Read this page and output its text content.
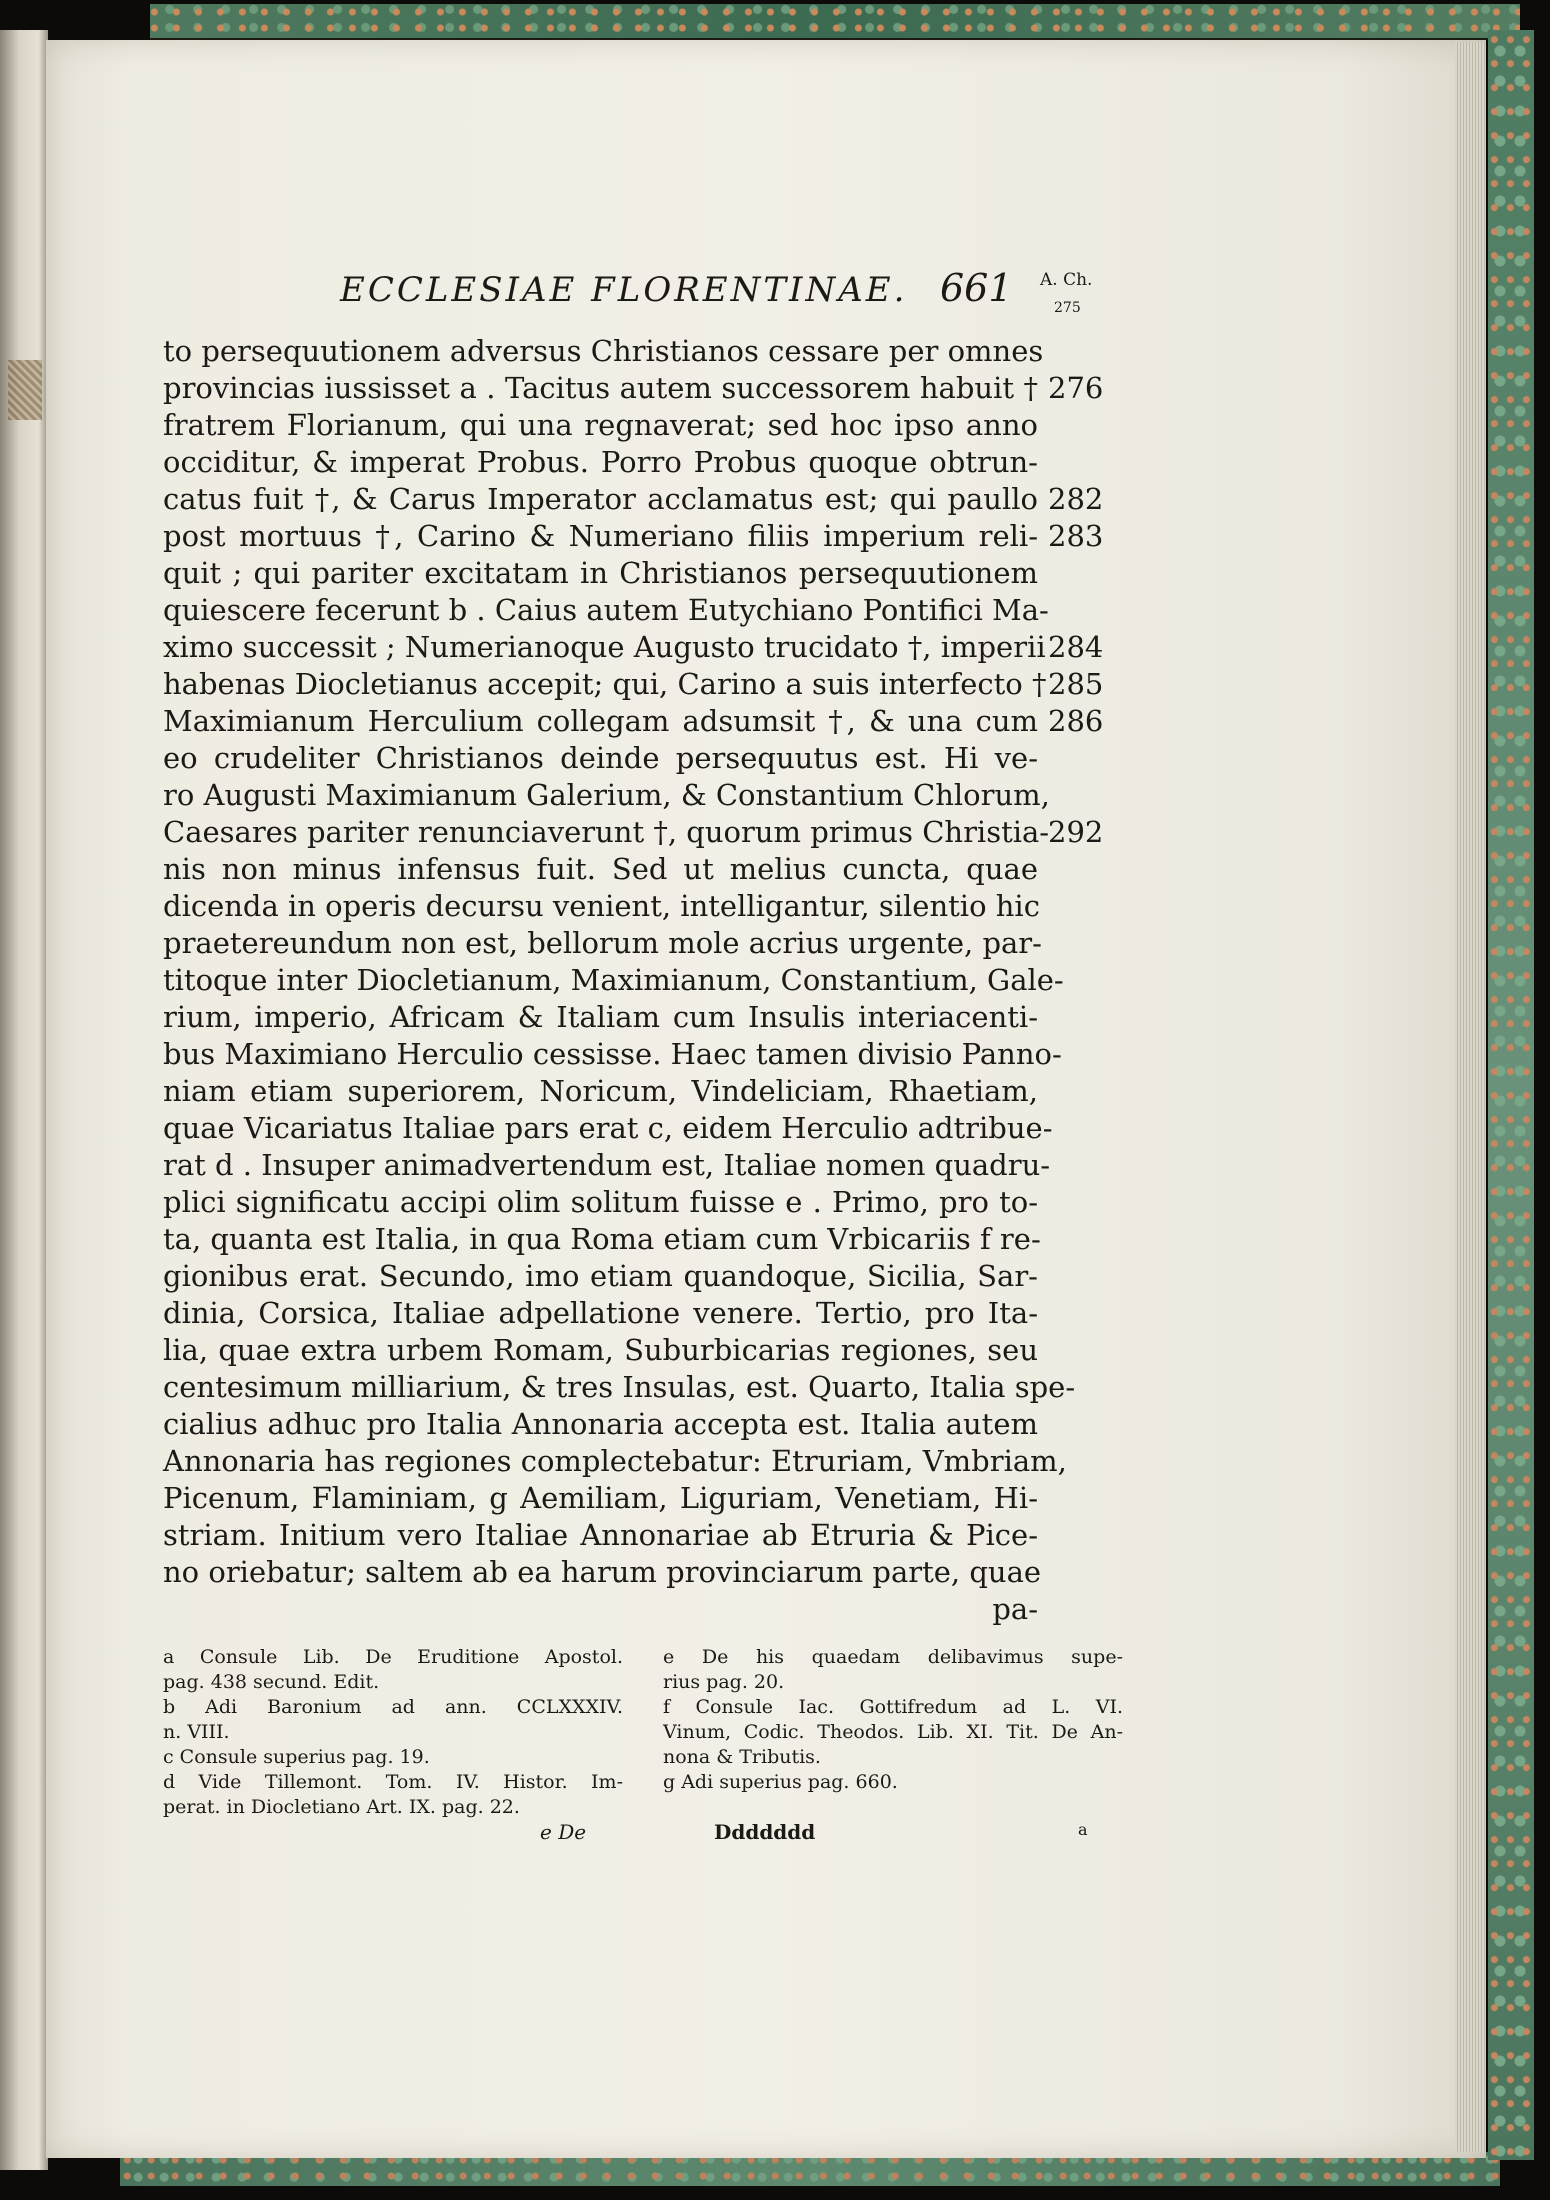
ECCLESIAE FLORENTINAE. 661 A. Ch.
275
to persequutionem adversus Christianos cessare per omnes
provincias iussisset a . Tacitus autem successorem habuit †
fratrem Florianum, qui una regnaverat; sed hoc ipso anno
occiditur, & imperat Probus. Porro Probus quoque obtrun-
catus fuit †, & Carus Imperator acclamatus est; qui paullo
post mortuus †, Carino & Numeriano filiis imperium reli-
quit ; qui pariter excitatam in Christianos persequutionem
quiescere fecerunt b . Caius autem Eutychiano Pontifici Ma-
ximo successit ; Numerianoque Augusto trucidato †, imperii
habenas Diocletianus accepit; qui, Carino a suis interfecto †
Maximianum Herculium collegam adsumsit †, & una cum
eo crudeliter Christianos deinde persequutus est. Hi ve-
ro Augusti Maximianum Galerium, & Constantium Chlorum,
Caesares pariter renunciaverunt †, quorum primus Christia-
nis non minus infensus fuit. Sed ut melius cuncta, quae
dicenda in operis decursu venient, intelligantur, silentio hic
praetereundum non est, bellorum mole acrius urgente, par-
titoque inter Diocletianum, Maximianum, Constantium, Gale-
rium, imperio, Africam & Italiam cum Insulis interiacenti-
bus Maximiano Herculio cessisse. Haec tamen divisio Panno-
niam etiam superiorem, Noricum, Vindeliciam, Rhaetiam,
quae Vicariatus Italiae pars erat c, eidem Herculio adtribue-
rat d . Insuper animadvertendum est, Italiae nomen quadru-
plici significatu accipi olim solitum fuisse e . Primo, pro to-
ta, quanta est Italia, in qua Roma etiam cum Vrbicariis f re-
gionibus erat. Secundo, imo etiam quandoque, Sicilia, Sar-
dinia, Corsica, Italiae adpellatione venere. Tertio, pro Ita-
lia, quae extra urbem Romam, Suburbicarias regiones, seu
centesimum milliarium, & tres Insulas, est. Quarto, Italia spe-
cialius adhuc pro Italia Annonaria accepta est. Italia autem
Annonaria has regiones complectebatur: Etruriam, Vmbriam,
Picenum, Flaminiam, g Aemiliam, Liguriam, Venetiam, Hi-
striam. Initium vero Italiae Annonariae ab Etruria & Pice-
no oriebatur; saltem ab ea harum provinciarum parte, quae
pa-
276
282
283
284
285
286
292
a Consule Lib. De Eruditione Apostol.
pag. 438 secund. Edit.
b Adi Baronium ad ann. CCLXXXIV.
n. VIII.
c Consule superius pag. 19.
d Vide Tillemont. Tom. IV. Histor. Im-
perat. in Diocletiano Art. IX. pag. 22.
e De his quaedam delibavimus supe-
rius pag. 20.
f Consule Iac. Gottifredum ad L. VI.
Vinum, Codic. Theodos. Lib. XI. Tit. De An-
nona & Tributis.
g Adi superius pag. 660.
e De	Ddddddd	a
